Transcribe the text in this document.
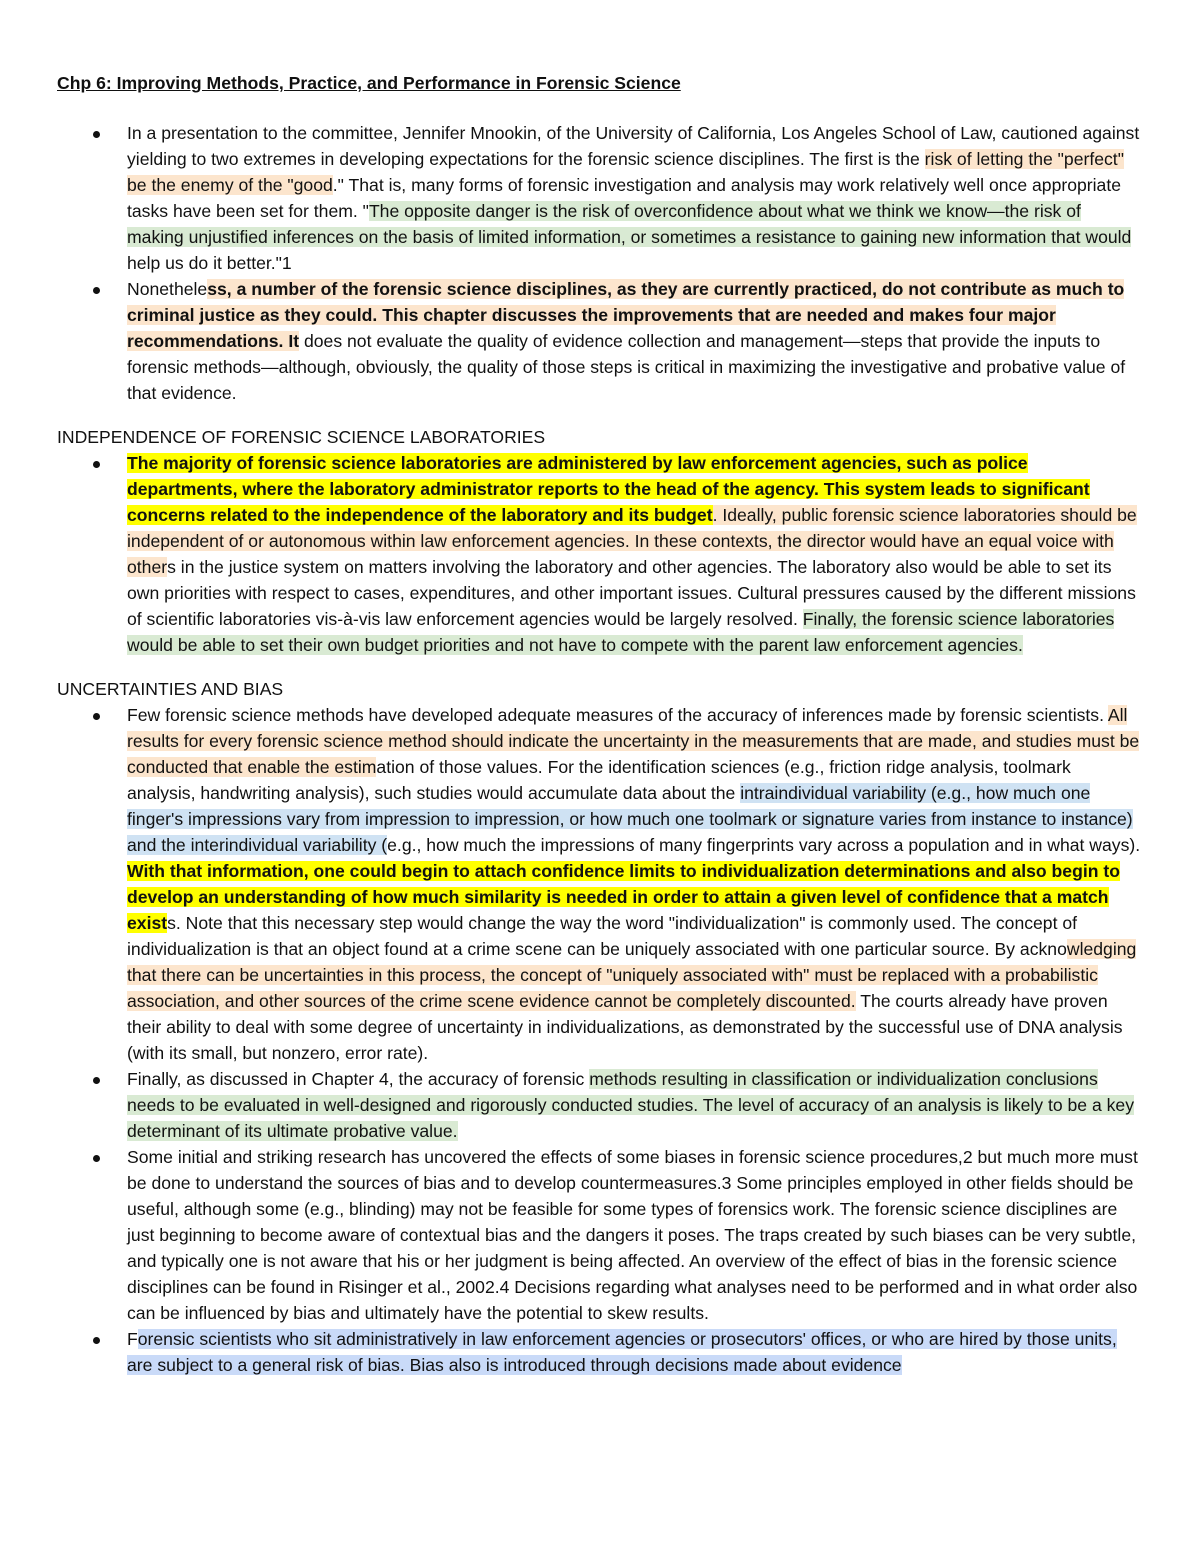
Chp 6: Improving Methods, Practice, and Performance in Forensic Science
In a presentation to the committee, Jennifer Mnookin, of the University of California, Los Angeles School of Law, cautioned against yielding to two extremes in developing expectations for the forensic science disciplines. The first is the risk of letting the "perfect" be the enemy of the "good." That is, many forms of forensic investigation and analysis may work relatively well once appropriate tasks have been set for them. "The opposite danger is the risk of overconfidence about what we think we know—the risk of making unjustified inferences on the basis of limited information, or sometimes a resistance to gaining new information that would help us do it better."1
Nonetheless, a number of the forensic science disciplines, as they are currently practiced, do not contribute as much to criminal justice as they could. This chapter discusses the improvements that are needed and makes four major recommendations. It does not evaluate the quality of evidence collection and management—steps that provide the inputs to forensic methods—although, obviously, the quality of those steps is critical in maximizing the investigative and probative value of that evidence.
INDEPENDENCE OF FORENSIC SCIENCE LABORATORIES
The majority of forensic science laboratories are administered by law enforcement agencies, such as police departments, where the laboratory administrator reports to the head of the agency. This system leads to significant concerns related to the independence of the laboratory and its budget. Ideally, public forensic science laboratories should be independent of or autonomous within law enforcement agencies. In these contexts, the director would have an equal voice with others in the justice system on matters involving the laboratory and other agencies. The laboratory also would be able to set its own priorities with respect to cases, expenditures, and other important issues. Cultural pressures caused by the different missions of scientific laboratories vis-à-vis law enforcement agencies would be largely resolved. Finally, the forensic science laboratories would be able to set their own budget priorities and not have to compete with the parent law enforcement agencies.
UNCERTAINTIES AND BIAS
Few forensic science methods have developed adequate measures of the accuracy of inferences made by forensic scientists. All results for every forensic science method should indicate the uncertainty in the measurements that are made, and studies must be conducted that enable the estimation of those values. For the identification sciences (e.g., friction ridge analysis, toolmark analysis, handwriting analysis), such studies would accumulate data about the intraindividual variability (e.g., how much one finger's impressions vary from impression to impression, or how much one toolmark or signature varies from instance to instance) and the interindividual variability (e.g., how much the impressions of many fingerprints vary across a population and in what ways). With that information, one could begin to attach confidence limits to individualization determinations and also begin to develop an understanding of how much similarity is needed in order to attain a given level of confidence that a match exists. Note that this necessary step would change the way the word "individualization" is commonly used. The concept of individualization is that an object found at a crime scene can be uniquely associated with one particular source. By acknowledging that there can be uncertainties in this process, the concept of "uniquely associated with" must be replaced with a probabilistic association, and other sources of the crime scene evidence cannot be completely discounted. The courts already have proven their ability to deal with some degree of uncertainty in individualizations, as demonstrated by the successful use of DNA analysis (with its small, but nonzero, error rate).
Finally, as discussed in Chapter 4, the accuracy of forensic methods resulting in classification or individualization conclusions needs to be evaluated in well-designed and rigorously conducted studies. The level of accuracy of an analysis is likely to be a key determinant of its ultimate probative value.
Some initial and striking research has uncovered the effects of some biases in forensic science procedures,2 but much more must be done to understand the sources of bias and to develop countermeasures.3 Some principles employed in other fields should be useful, although some (e.g., blinding) may not be feasible for some types of forensics work. The forensic science disciplines are just beginning to become aware of contextual bias and the dangers it poses. The traps created by such biases can be very subtle, and typically one is not aware that his or her judgment is being affected. An overview of the effect of bias in the forensic science disciplines can be found in Risinger et al., 2002.4 Decisions regarding what analyses need to be performed and in what order also can be influenced by bias and ultimately have the potential to skew results.
Forensic scientists who sit administratively in law enforcement agencies or prosecutors' offices, or who are hired by those units, are subject to a general risk of bias. Bias also is introduced through decisions made about evidence
